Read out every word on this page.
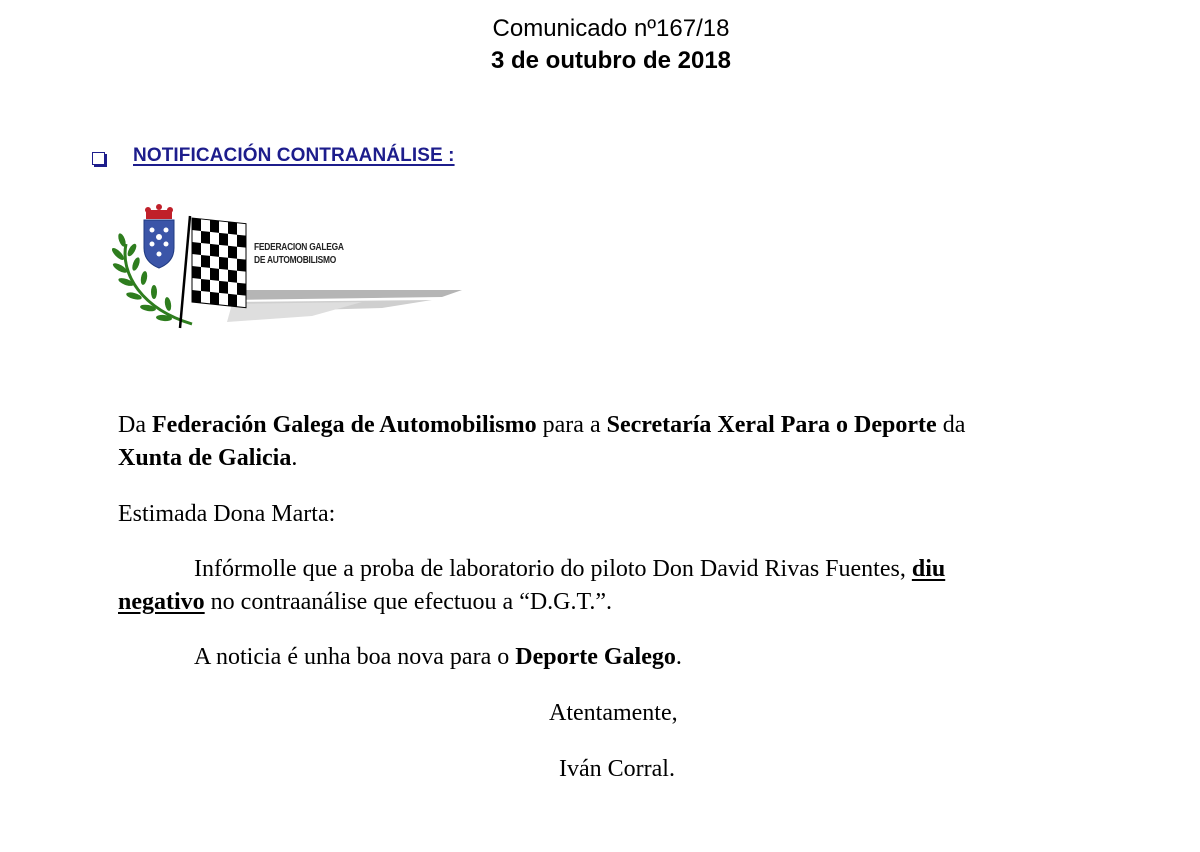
Comunicado nº167/18
3 de outubro de 2018
NOTIFICACIÓN CONTRAANÁLISE :
FEDERACION GALEGA
DE AUTOMOBILISMO
Da Federación Galega de Automobilismo para a Secretaría Xeral Para o Deporte da
Xunta de Galicia.
Estimada Dona Marta:
Infórmolle que a proba de laboratorio do piloto Don David Rivas Fuentes, diu
negativo no contraanálise que efectuou a “D.G.T.”.
A noticia é unha boa nova para o Deporte Galego.
Atentamente,
Iván Corral.
